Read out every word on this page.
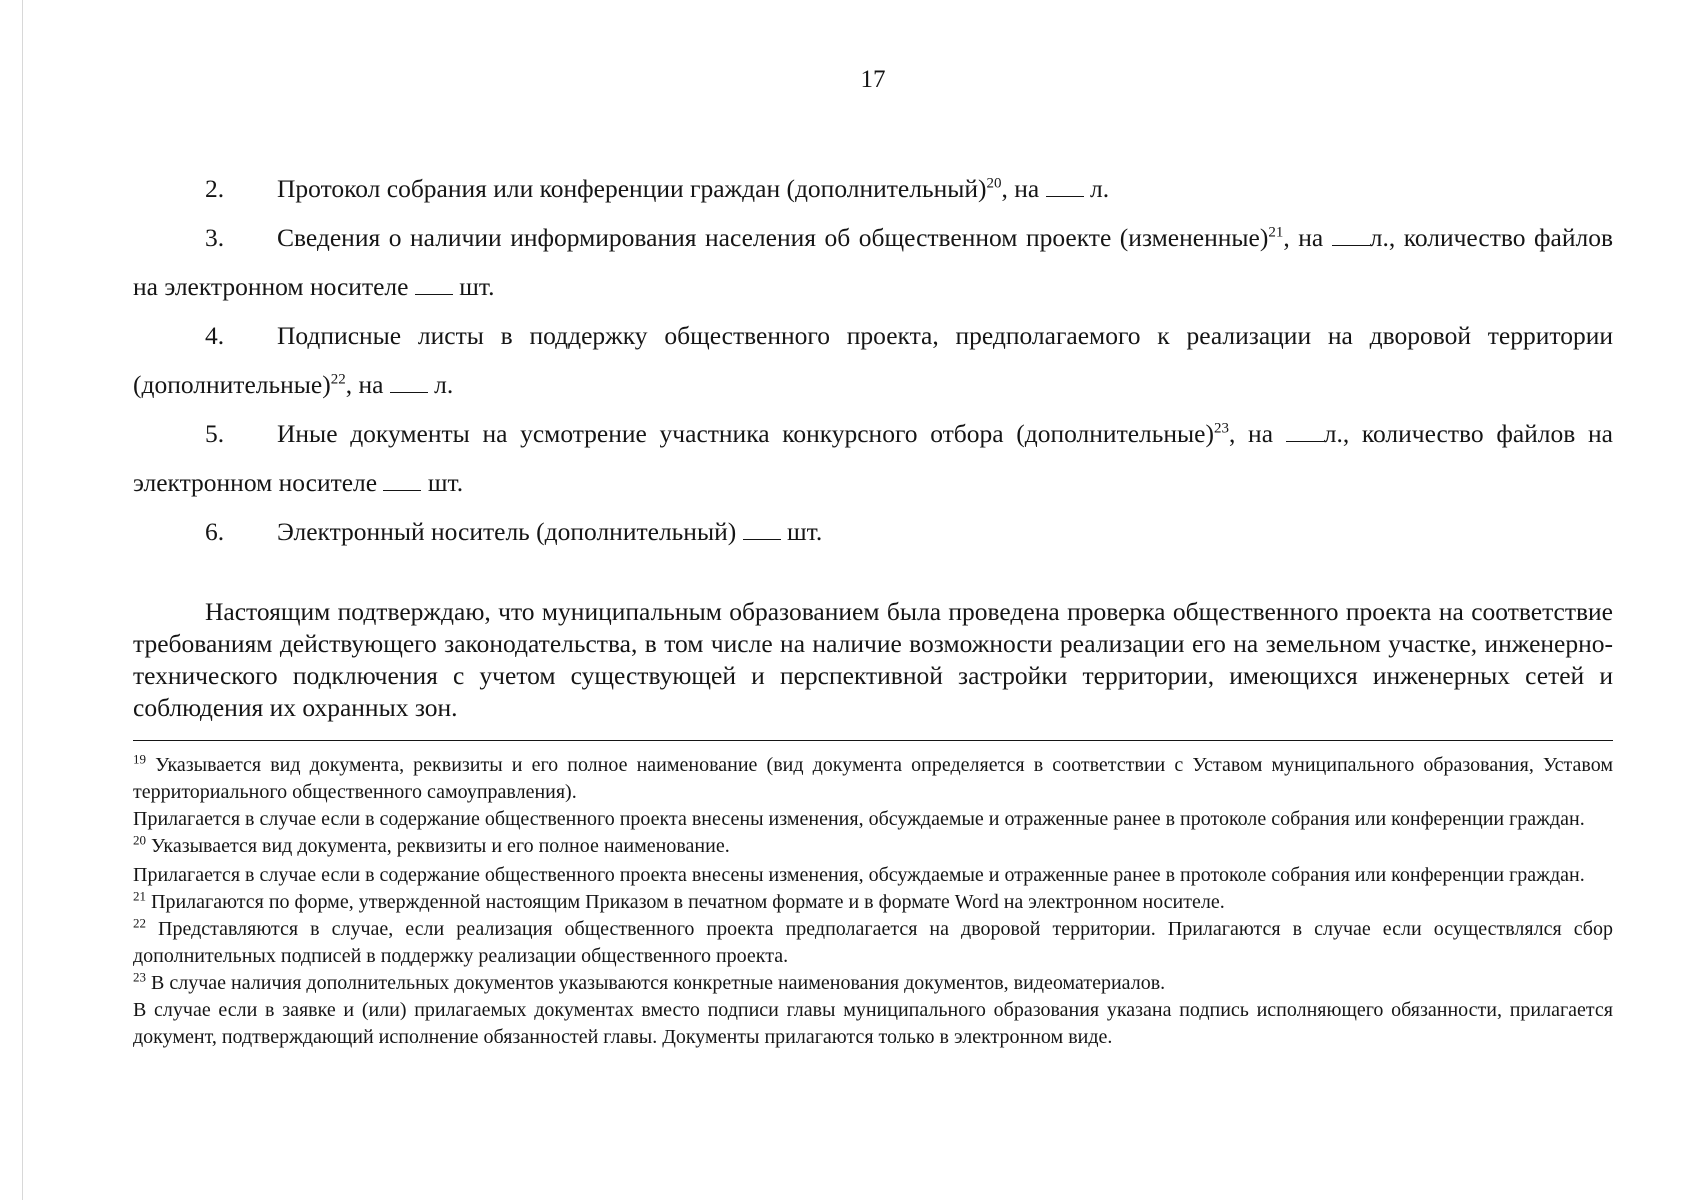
17

2. Протокол собрания или конференции граждан (дополнительный)$^{20}$, на  л.

3. Сведения о наличии информирования населения об общественном проекте (измененные)$^{21}$, на л., количество файлов на электронном носителе  шт.

4. Подписные листы в поддержку общественного проекта, предполагаемого к реализации на дворовой территории (дополнительные)$^{22}$, на  л.

5. Иные документы на усмотрение участника конкурсного отбора (дополнительные)$^{23}$, на л., количество файлов на электронном носителе  шт.

6. Электронный носитель (дополнительный)  шт.

Настоящим подтверждаю, что муниципальным образованием была проведена проверка общественного проекта на соответствие требованиям действующего законодательства, в том числе на наличие возможности реализации его на земельном участке, инженерно-технического подключения с учетом существующей и перспективной застройки территории, имеющихся инженерных сетей и соблюдения их охранных зон.

$^{19}$ Указывается вид документа, реквизиты и его полное наименование (вид документа определяется в соответствии с Уставом муниципального образования, Уставом территориального общественного самоуправления).

Прилагается в случае если в содержание общественного проекта внесены изменения, обсуждаемые и отраженные ранее в протоколе собрания или конференции граждан.

$^{20}$ Указывается вид документа, реквизиты и его полное наименование.

Прилагается в случае если в содержание общественного проекта внесены изменения, обсуждаемые и отраженные ранее в протоколе собрания или конференции граждан.

$^{21}$ Прилагаются по форме, утвержденной настоящим Приказом в печатном формате и в формате Word на электронном носителе.

$^{22}$ Представляются в случае, если реализация общественного проекта предполагается на дворовой территории. Прилагаются в случае если осуществлялся сбор дополнительных подписей в поддержку реализации общественного проекта.

$^{23}$ В случае наличия дополнительных документов указываются конкретные наименования документов, видеоматериалов.

В случае если в заявке и (или) прилагаемых документах вместо подписи главы муниципального образования указана подпись исполняющего обязанности, прилагается документ, подтверждающий исполнение обязанностей главы. Документы прилагаются только в электронном виде.
